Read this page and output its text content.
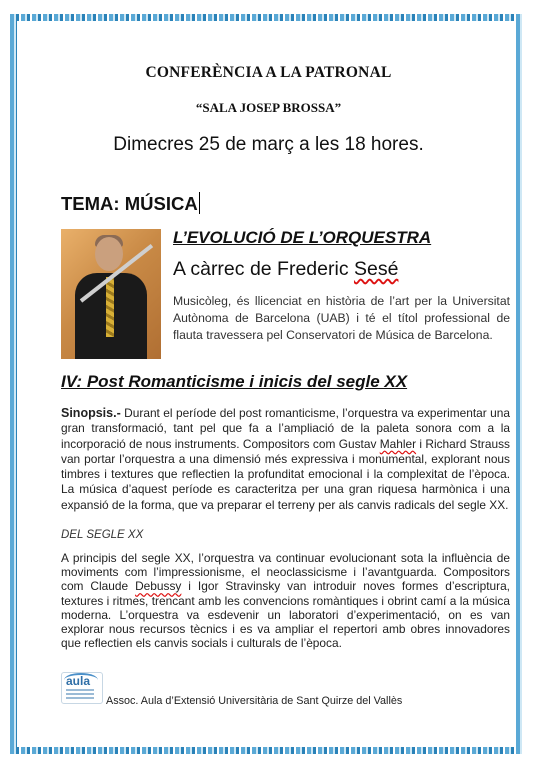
CONFERÈNCIA A LA PATRONAL
“SALA JOSEP BROSSA”
Dimecres 25 de març a les 18 hores.
TEMA: MÚSICA
L’EVOLUCIÓ DE L’ORQUESTRA
A càrrec de Frederic Sesé
Musicòleg, és llicenciat en història de l’art per la Universitat Autònoma de Barcelona (UAB) i té el títol professional de flauta travessera pel Conservatori de Música de Barcelona.
IV: Post Romanticisme i inicis del segle XX
Sinopsis.- Durant el període del post romanticisme, l’orquestra va experimentar una gran transformació, tant pel que fa a l’ampliació de la paleta sonora com a la incorporació de nous instruments. Compositors com Gustav Mahler i Richard Strauss van portar l’orquestra a una dimensió més expressiva i monumental, explorant nous timbres i textures que reflectien la profunditat emocional i la complexitat de l’època. La música d’aquest període es caracteritza per una gran riquesa harmònica i una expansió de la forma, que va preparar el terreny per als canvis radicals del segle XX.
DEL SEGLE XX
A principis del segle XX, l’orquestra va continuar evolucionant sota la influència de moviments com l’impressionisme, el neoclassicisme i l’avantguarda. Compositors com Claude Debussy i Igor Stravinsky van introduir noves formes d’escriptura, textures i ritmes, trencant amb les convencions romàntiques i obrint camí a la música moderna. L’orquestra va esdevenir un laboratori d’experimentació, on es van explorar nous recursos tècnics i es va ampliar el repertori amb obres innovadores que reflectien els canvis socials i culturals de l’època.
aula
Assoc. Aula d’Extensió Universitària de Sant Quirze del Vallès
